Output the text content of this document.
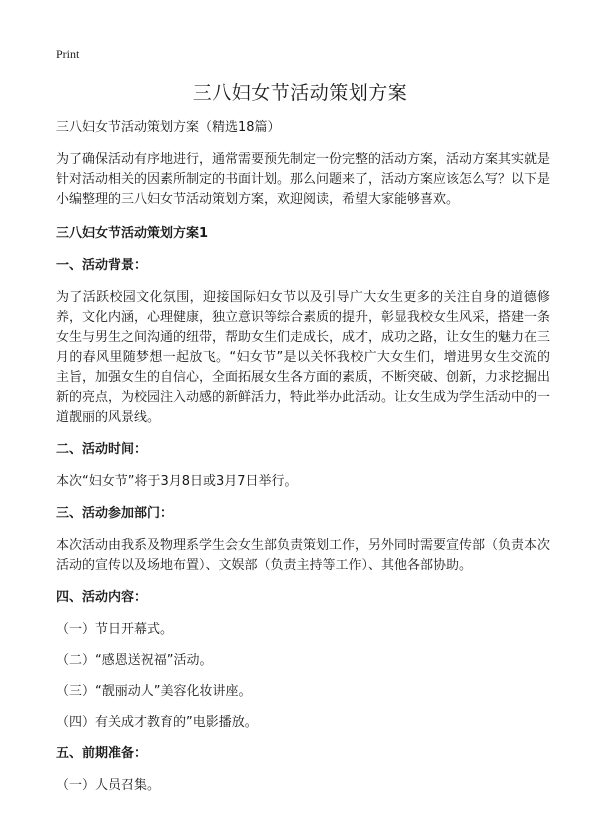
Print
三八妇女节活动策划方案

三八妇女节活动策划方案（精选18篇）

为了确保活动有序地进行，通常需要预先制定一份完整的活动方案，活动方案其实就是针对活动相关的因素所制定的书面计划。那么问题来了，活动方案应该怎么写？以下是小编整理的三八妇女节活动策划方案，欢迎阅读，希望大家能够喜欢。

三八妇女节活动策划方案1

一、活动背景：

为了活跃校园文化氛围，迎接国际妇女节以及引导广大女生更多的关注自身的道德修养，文化内涵，心理健康，独立意识等综合素质的提升，彰显我校女生风采，搭建一条女生与男生之间沟通的纽带，帮助女生们走成长，成才，成功之路，让女生的魅力在三月的春风里随梦想一起放飞。“妇女节”是以关怀我校广大女生们，增进男女生交流的主旨，加强女生的自信心，全面拓展女生各方面的素质，不断突破、创新，力求挖掘出新的亮点，为校园注入动感的新鲜活力，特此举办此活动。让女生成为学生活动中的一道靓丽的风景线。

二、活动时间：

本次“妇女节”将于3月8日或3月7日举行。

三、活动参加部门：

本次活动由我系及物理系学生会女生部负责策划工作，另外同时需要宣传部（负责本次活动的宣传以及场地布置）、文娱部（负责主持等工作）、其他各部协助。

四、活动内容：

（一）节日开幕式。

（二）“感恩送祝福”活动。

（三）“靓丽动人”美容化妆讲座。

（四）有关成才教育的”电影播放。

五、前期准备：

（一）人员召集。
